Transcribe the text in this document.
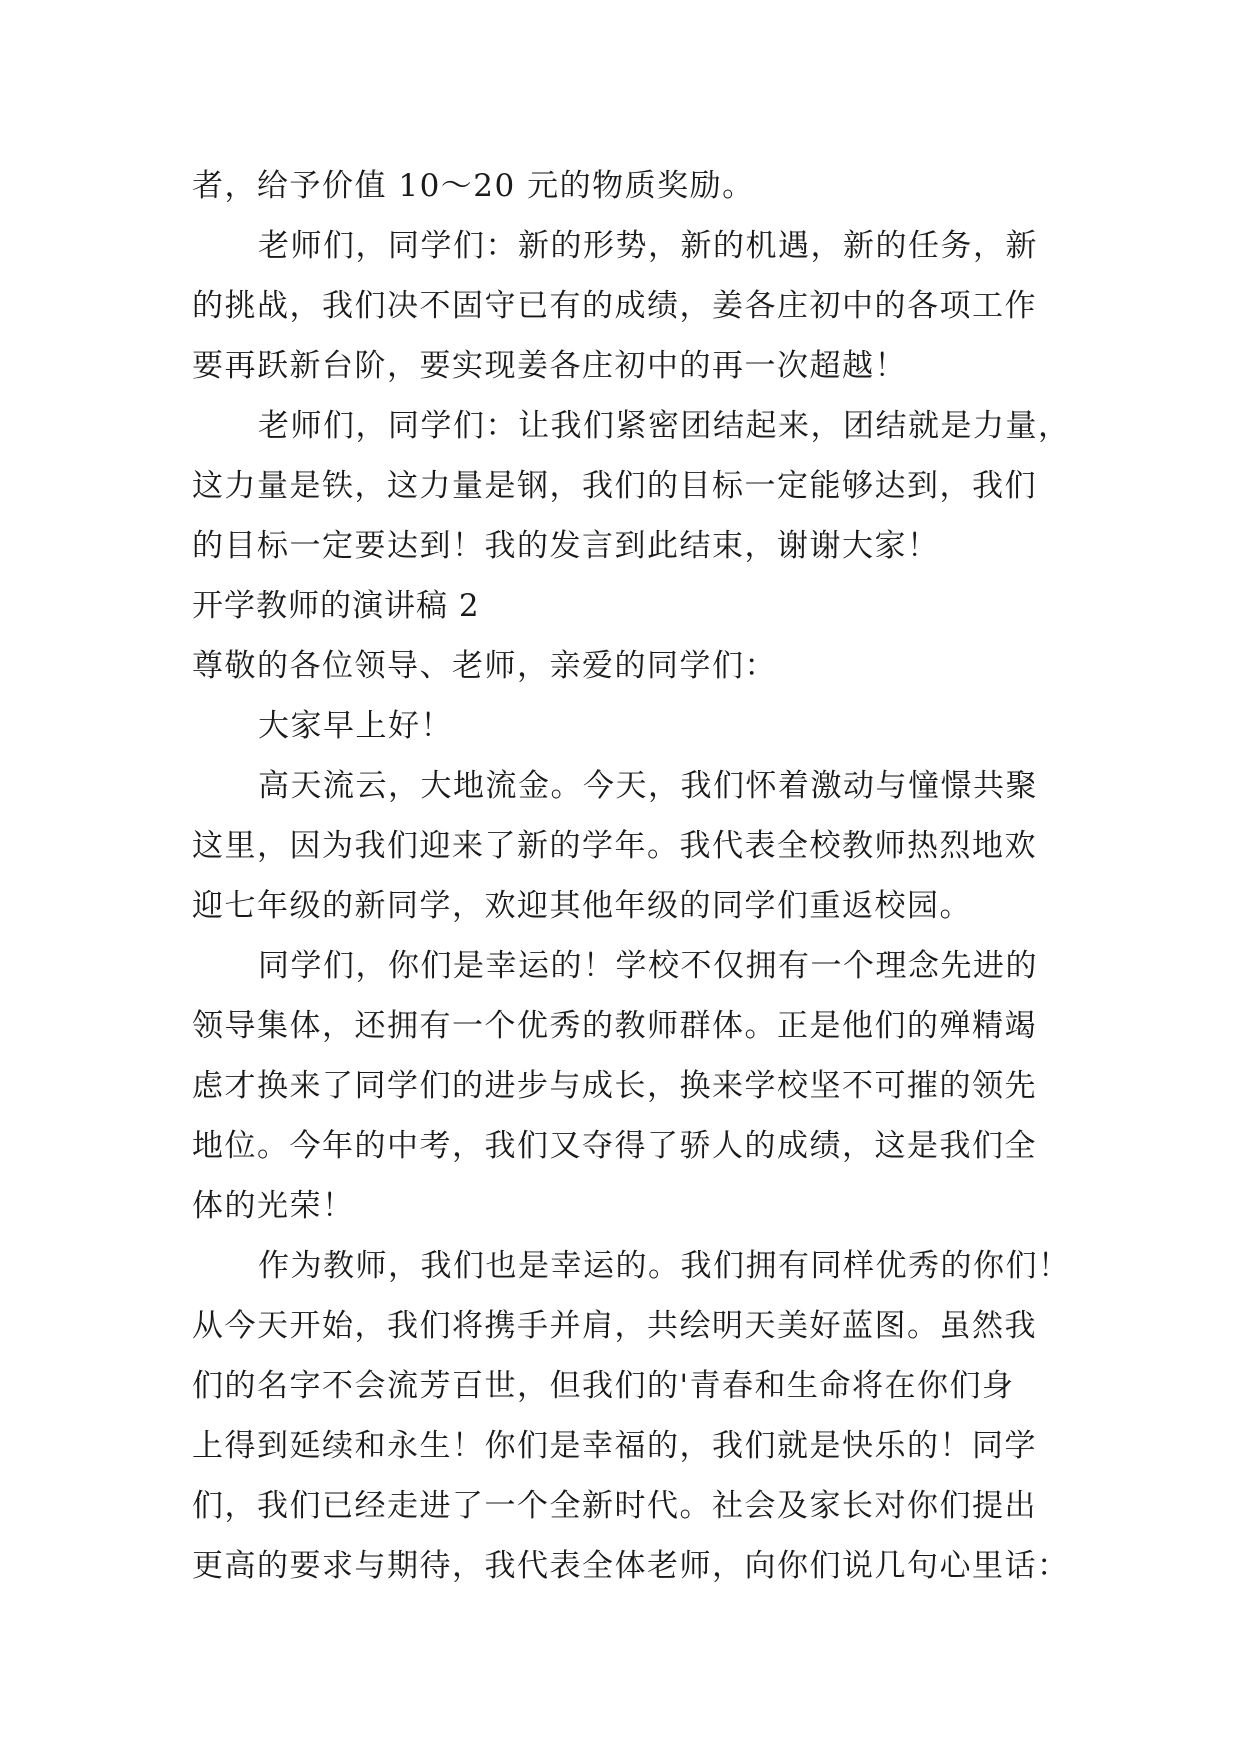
者，给予价值 10～20 元的物质奖励。
老师们，同学们：新的形势，新的机遇，新的任务，新
的挑战，我们决不固守已有的成绩，姜各庄初中的各项工作
要再跃新台阶，要实现姜各庄初中的再一次超越！
老师们，同学们：让我们紧密团结起来，团结就是力量，
这力量是铁，这力量是钢，我们的目标一定能够达到，我们
的目标一定要达到！我的发言到此结束，谢谢大家！
开学教师的演讲稿 2
尊敬的各位领导、老师，亲爱的同学们：
大家早上好！
高天流云，大地流金。今天，我们怀着激动与憧憬共聚
这里，因为我们迎来了新的学年。我代表全校教师热烈地欢
迎七年级的新同学，欢迎其他年级的同学们重返校园。
同学们，你们是幸运的！学校不仅拥有一个理念先进的
领导集体，还拥有一个优秀的教师群体。正是他们的殚精竭
虑才换来了同学们的进步与成长，换来学校坚不可摧的领先
地位。今年的中考，我们又夺得了骄人的成绩，这是我们全
体的光荣！
作为教师，我们也是幸运的。我们拥有同样优秀的你们！
从今天开始，我们将携手并肩，共绘明天美好蓝图。虽然我
们的名字不会流芳百世，但我们的'青春和生命将在你们身
上得到延续和永生！你们是幸福的，我们就是快乐的！同学
们，我们已经走进了一个全新时代。社会及家长对你们提出
更高的要求与期待，我代表全体老师，向你们说几句心里话：
